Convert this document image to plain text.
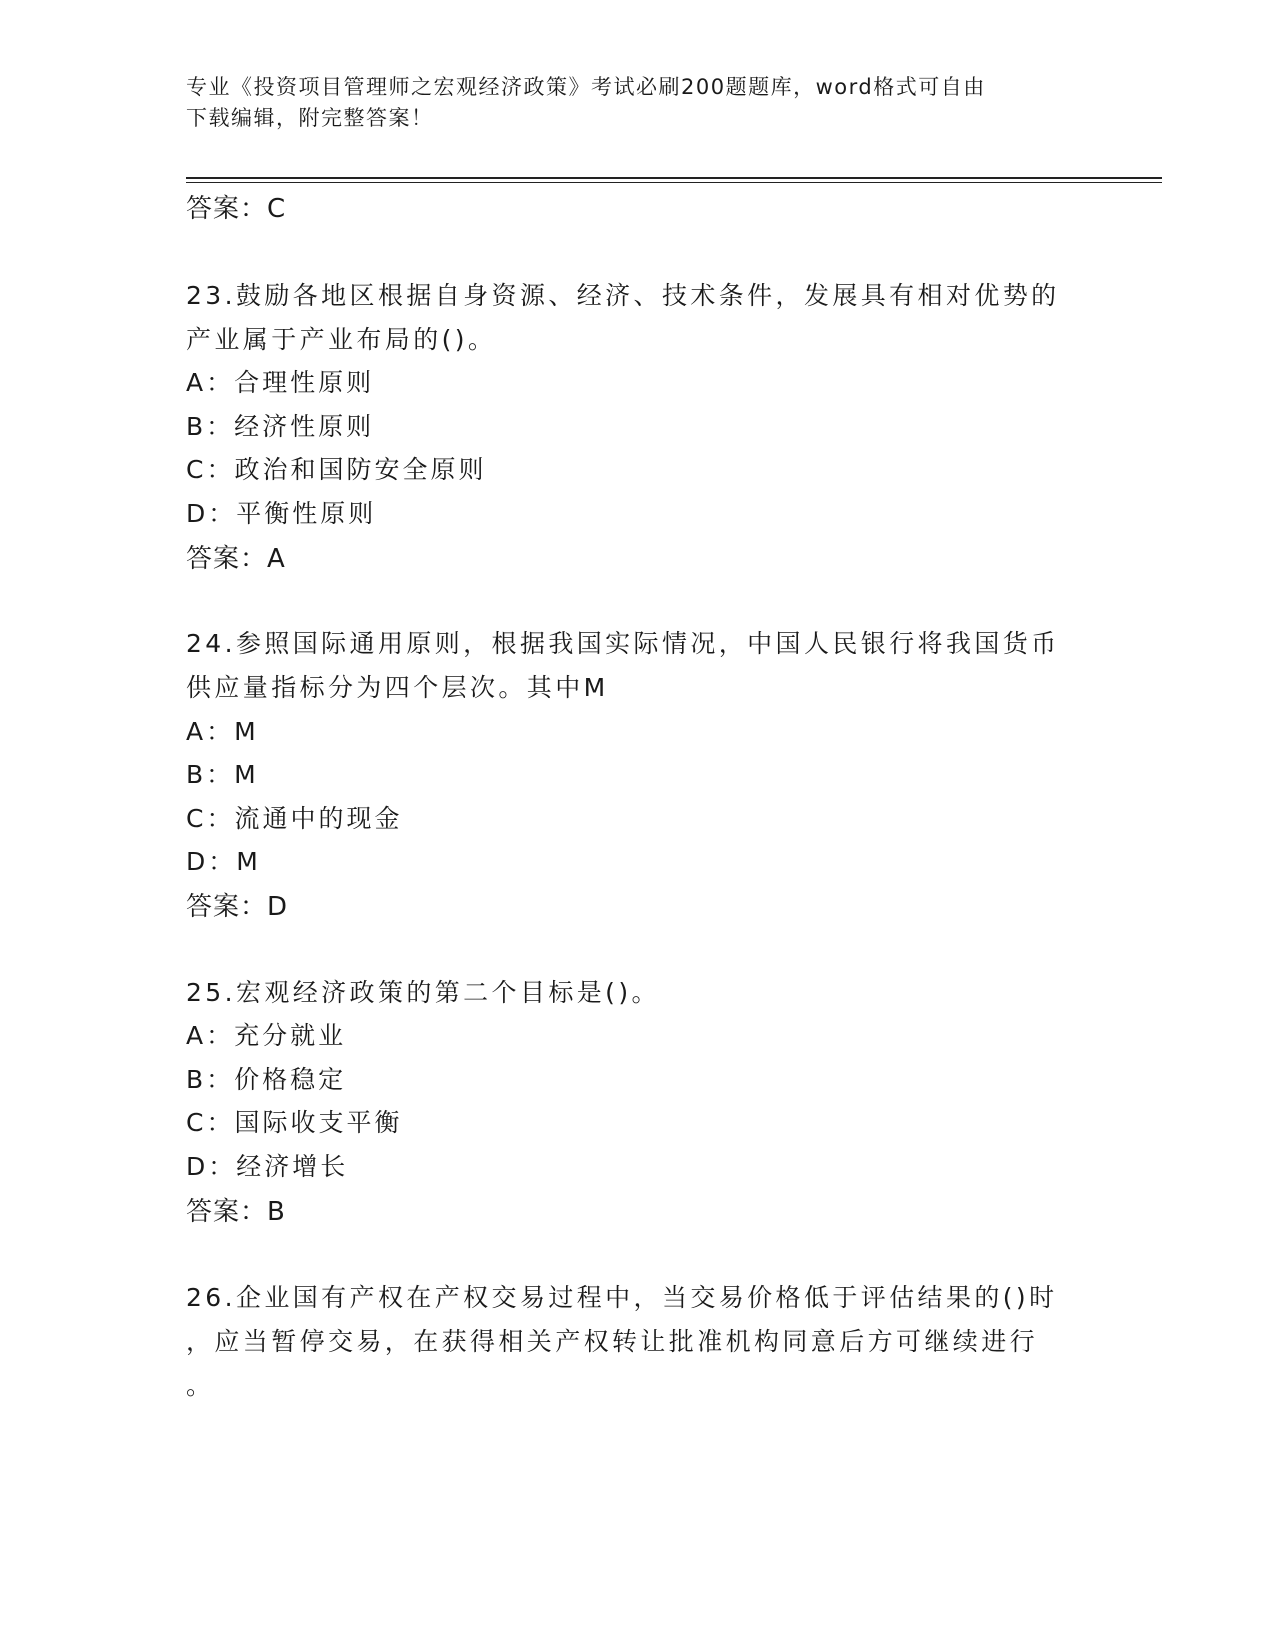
专业《投资项目管理师之宏观经济政策》考试必刷200题题库，word格式可自由
下载编辑，附完整答案！
答案：C
23.鼓励各地区根据自身资源、经济、技术条件，发展具有相对优势的
产业属于产业布局的()。
A：合理性原则
B：经济性原则
C：政治和国防安全原则
D：平衡性原则
答案：A
24.参照国际通用原则，根据我国实际情况，中国人民银行将我国货币
供应量指标分为四个层次。其中M
A：M
B：M
C：流通中的现金
D：M
答案：D
25.宏观经济政策的第二个目标是()。
A：充分就业
B：价格稳定
C：国际收支平衡
D：经济增长
答案：B
26.企业国有产权在产权交易过程中，当交易价格低于评估结果的()时
，应当暂停交易，在获得相关产权转让批准机构同意后方可继续进行
。
